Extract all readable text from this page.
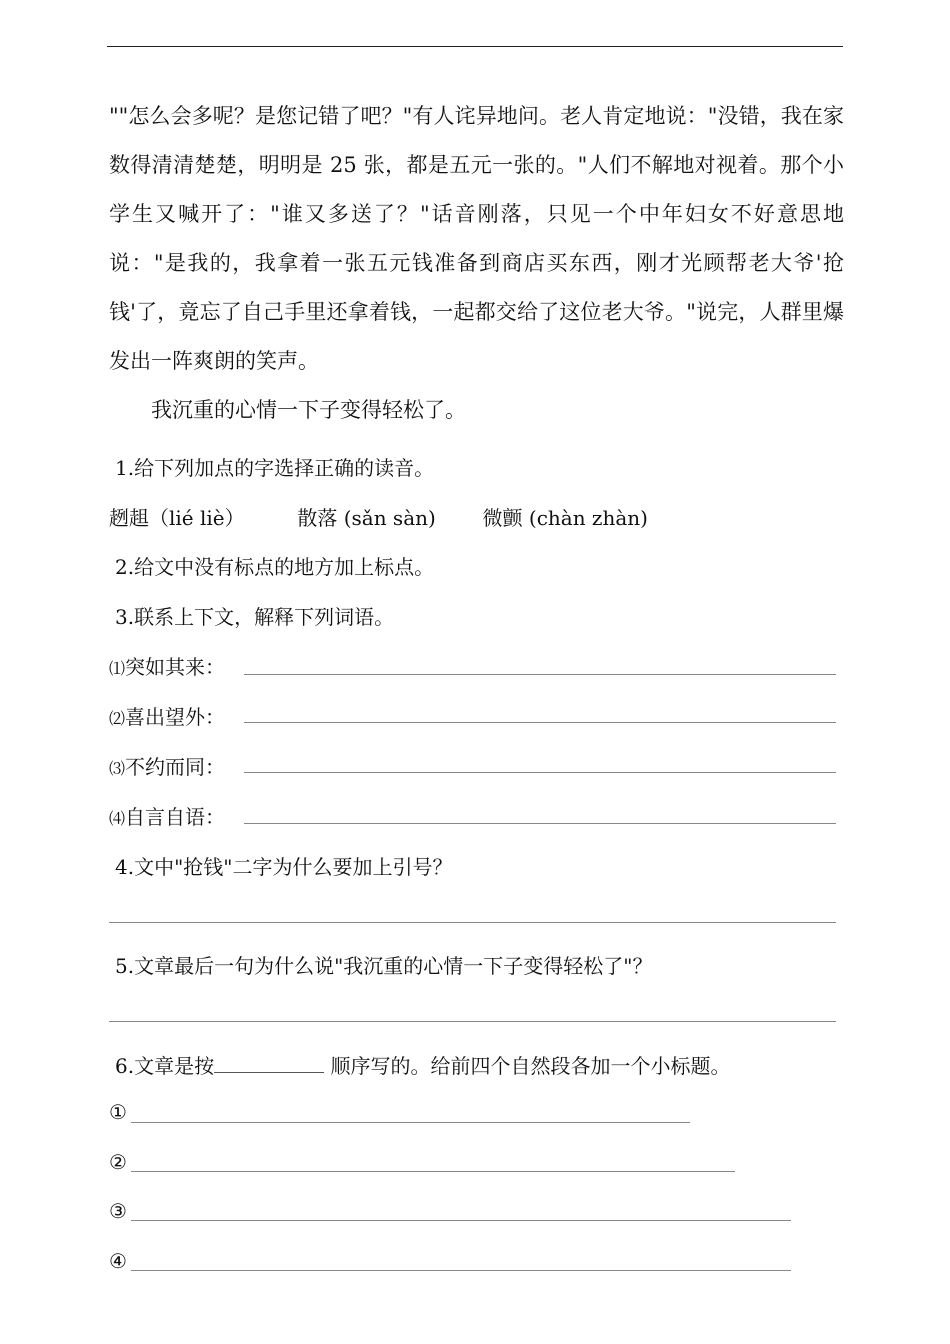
""怎么会多呢？是您记错了吧？"有人诧异地问。老人肯定地说："没错，我在家数得清清楚楚，明明是 25 张，都是五元一张的。"人们不解地对视着。那个小学生又喊开了："谁又多送了？"话音刚落，只见一个中年妇女不好意思地说："是我的，我拿着一张五元钱准备到商店买东西，刚才光顾帮老大爷'抢钱'了，竟忘了自己手里还拿着钱，一起都交给了这位老大爷。"说完，人群里爆发出一阵爽朗的笑声。

我沉重的心情一下子变得轻松了。

1.给下列加点的字选择正确的读音。
趔趄（lié liè）	散落 (sǎn sàn) 微颤 (chàn zhàn)
2.给文中没有标点的地方加上标点。
3.联系上下文，解释下列词语。
⑴突如其来：
⑵喜出望外：
⑶不约而同：
⑷自言自语：
4.文中"抢钱"二字为什么要加上引号？
5.文章最后一句为什么说"我沉重的心情一下子变得轻松了"？
6.文章是按	顺序写的。给前四个自然段各加一个小标题。
①
②
③
④
